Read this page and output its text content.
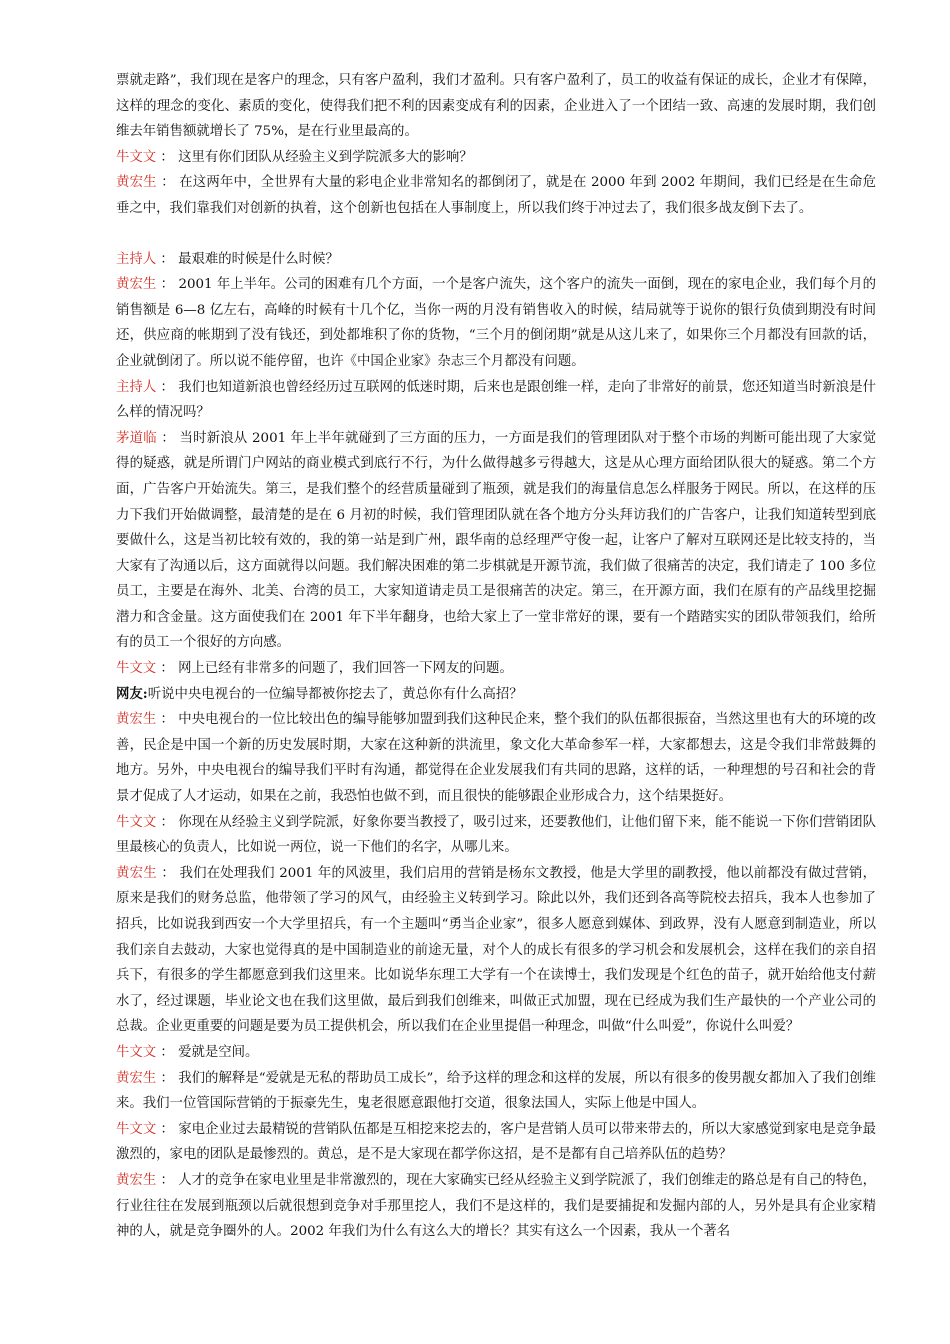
票就走路”，我们现在是客户的理念，只有客户盈利，我们才盈利。只有客户盈利了，员工的收益有保证的成长，企业才有保障，这样的理念的变化、素质的变化，使得我们把不利的因素变成有利的因素，企业进入了一个团结一致、高速的发展时期，我们创维去年销售额就增长了 75%，是在行业里最高的。

牛文文 ： 这里有你们团队从经验主义到学院派多大的影响？

黄宏生 ： 在这两年中，全世界有大量的彩电企业非常知名的都倒闭了，就是在 2000 年到 2002 年期间，我们已经是在生命危垂之中，我们靠我们对创新的执着，这个创新也包括在人事制度上，所以我们终于冲过去了，我们很多战友倒下去了。

主持人 ： 最艰难的时候是什么时候？

黄宏生 ： 2001 年上半年。公司的困难有几个方面，一个是客户流失，这个客户的流失一面倒，现在的家电企业，我们每个月的销售额是 6—8 亿左右，高峰的时候有十几个亿，当你一两的月没有销售收入的时候，结局就等于说你的银行负债到期没有时间还，供应商的帐期到了没有钱还，到处都堆积了你的货物，“三个月的倒闭期”就是从这儿来了，如果你三个月都没有回款的话，企业就倒闭了。所以说不能停留，也许《中国企业家》杂志三个月都没有问题。

主持人 ： 我们也知道新浪也曾经经历过互联网的低迷时期，后来也是跟创维一样，走向了非常好的前景，您还知道当时新浪是什么样的情况吗？

茅道临 ： 当时新浪从 2001 年上半年就碰到了三方面的压力，一方面是我们的管理团队对于整个市场的判断可能出现了大家觉得的疑惑，就是所谓门户网站的商业模式到底行不行，为什么做得越多亏得越大，这是从心理方面给团队很大的疑惑。第二个方面，广告客户开始流失。第三，是我们整个的经营质量碰到了瓶颈，就是我们的海量信息怎么样服务于网民。所以，在这样的压力下我们开始做调整，最清楚的是在 6 月初的时候，我们管理团队就在各个地方分头拜访我们的广告客户，让我们知道转型到底要做什么，这是当初比较有效的，我的第一站是到广州，跟华南的总经理严守俊一起，让客户了解对互联网还是比较支持的，当大家有了沟通以后，这方面就得以问题。我们解决困难的第二步棋就是开源节流，我们做了很痛苦的决定，我们请走了 100 多位员工，主要是在海外、北美、台湾的员工，大家知道请走员工是很痛苦的决定。第三，在开源方面，我们在原有的产品线里挖掘潜力和含金量。这方面使我们在 2001 年下半年翻身，也给大家上了一堂非常好的课，要有一个踏踏实实的团队带领我们，给所有的员工一个很好的方向感。

牛文文 ： 网上已经有非常多的问题了，我们回答一下网友的问题。

网友:听说中央电视台的一位编导都被你挖去了，黄总你有什么高招？

黄宏生 ： 中央电视台的一位比较出色的编导能够加盟到我们这种民企来，整个我们的队伍都很振奋，当然这里也有大的环境的改善，民企是中国一个新的历史发展时期，大家在这种新的洪流里，象文化大革命参军一样，大家都想去，这是令我们非常鼓舞的地方。另外，中央电视台的编导我们平时有沟通，都觉得在企业发展我们有共同的思路，这样的话，一种理想的号召和社会的背景才促成了人才运动，如果在之前，我恐怕也做不到，而且很快的能够跟企业形成合力，这个结果挺好。

牛文文 ： 你现在从经验主义到学院派，好象你要当教授了，吸引过来，还要教他们，让他们留下来，能不能说一下你们营销团队里最核心的负责人，比如说一两位，说一下他们的名字，从哪儿来。

黄宏生 ： 我们在处理我们 2001 年的风波里，我们启用的营销是杨东文教授，他是大学里的副教授，他以前都没有做过营销，原来是我们的财务总监，他带领了学习的风气，由经验主义转到学习。除此以外，我们还到各高等院校去招兵，我本人也参加了招兵，比如说我到西安一个大学里招兵，有一个主题叫“勇当企业家”，很多人愿意到媒体、到政界，没有人愿意到制造业，所以我们亲自去鼓动，大家也觉得真的是中国制造业的前途无量，对个人的成长有很多的学习机会和发展机会，这样在我们的亲自招兵下，有很多的学生都愿意到我们这里来。比如说华东理工大学有一个在读博士，我们发现是个红色的苗子，就开始给他支付薪水了，经过课题，毕业论文也在我们这里做，最后到我们创维来，叫做正式加盟，现在已经成为我们生产最快的一个产业公司的总裁。企业更重要的问题是要为员工提供机会，所以我们在企业里提倡一种理念，叫做“什么叫爱”，你说什么叫爱？

牛文文 ： 爱就是空间。

黄宏生 ： 我们的解释是“爱就是无私的帮助员工成长”，给予这样的理念和这样的发展，所以有很多的俊男靓女都加入了我们创维来。我们一位管国际营销的于振豪先生，鬼老很愿意跟他打交道，很象法国人，实际上他是中国人。

牛文文 ： 家电企业过去最精锐的营销队伍都是互相挖来挖去的，客户是营销人员可以带来带去的，所以大家感觉到家电是竞争最激烈的，家电的团队是最惨烈的。黄总，是不是大家现在都学你这招，是不是都有自己培养队伍的趋势？

黄宏生 ： 人才的竞争在家电业里是非常激烈的，现在大家确实已经从经验主义到学院派了，我们创维走的路总是有自己的特色，行业往往在发展到瓶颈以后就很想到竞争对手那里挖人，我们不是这样的，我们是要捕捉和发掘内部的人，另外是具有企业家精神的人，就是竞争圈外的人。2002 年我们为什么有这么大的增长？其实有这么一个因素，我从一个著名
